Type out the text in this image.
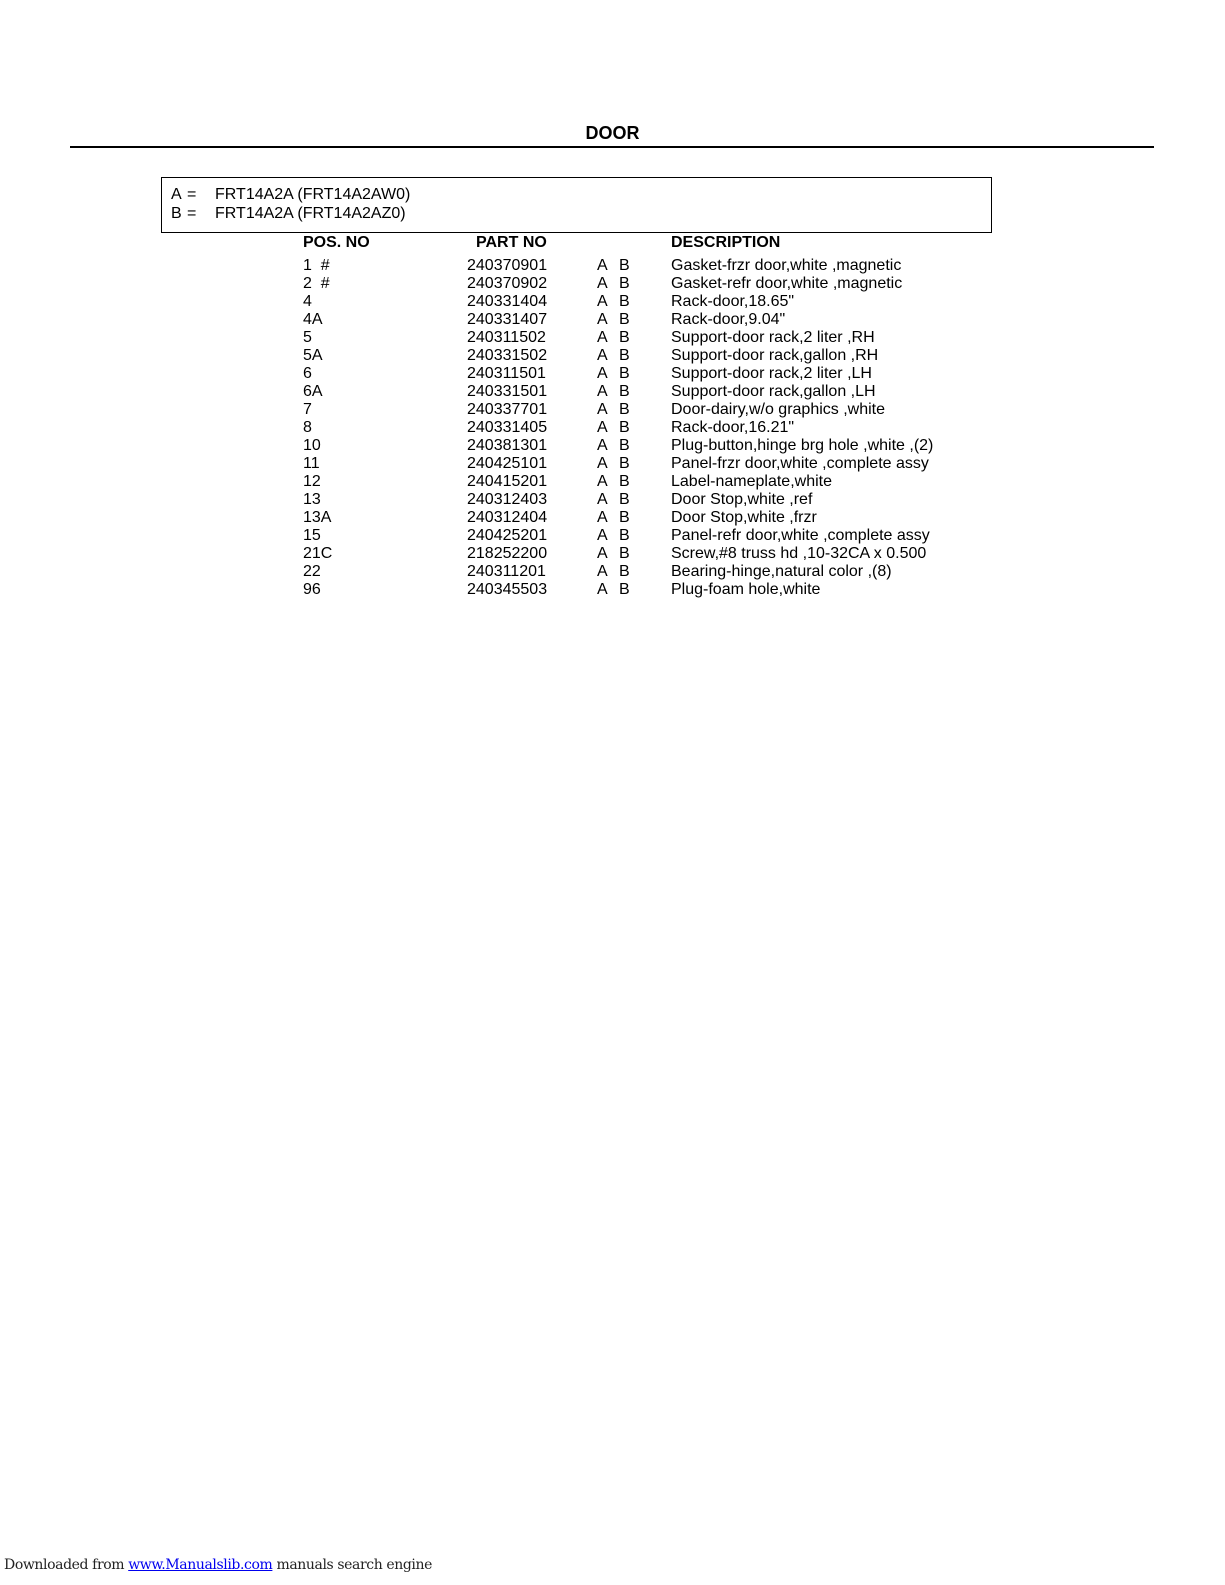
DOOR
A = FRT14A2A (FRT14A2AW0)
B = FRT14A2A (FRT14A2AZ0)
POS. NO	PART NO	DESCRIPTION
1  #	240370901	A B	Gasket-frzr door,white ,magnetic
2  #	240370902	A B	Gasket-refr door,white ,magnetic
4	240331404	A B	Rack-door,18.65"
4A	240331407	A B	Rack-door,9.04"
5	240311502	A B	Support-door rack,2 liter ,RH
5A	240331502	A B	Support-door rack,gallon ,RH
6	240311501	A B	Support-door rack,2 liter ,LH
6A	240331501	A B	Support-door rack,gallon ,LH
7	240337701	A B	Door-dairy,w/o graphics ,white
8	240331405	A B	Rack-door,16.21"
10	240381301	A B	Plug-button,hinge brg hole ,white ,(2)
11	240425101	A B	Panel-frzr door,white ,complete assy
12	240415201	A B	Label-nameplate,white
13	240312403	A B	Door Stop,white ,ref
13A	240312404	A B	Door Stop,white ,frzr
15	240425201	A B	Panel-refr door,white ,complete assy
21C	218252200	A B	Screw,#8 truss hd ,10-32CA x 0.500
22	240311201	A B	Bearing-hinge,natural color ,(8)
96	240345503	A B	Plug-foam hole,white
Downloaded from www.Manualslib.com manuals search engine
